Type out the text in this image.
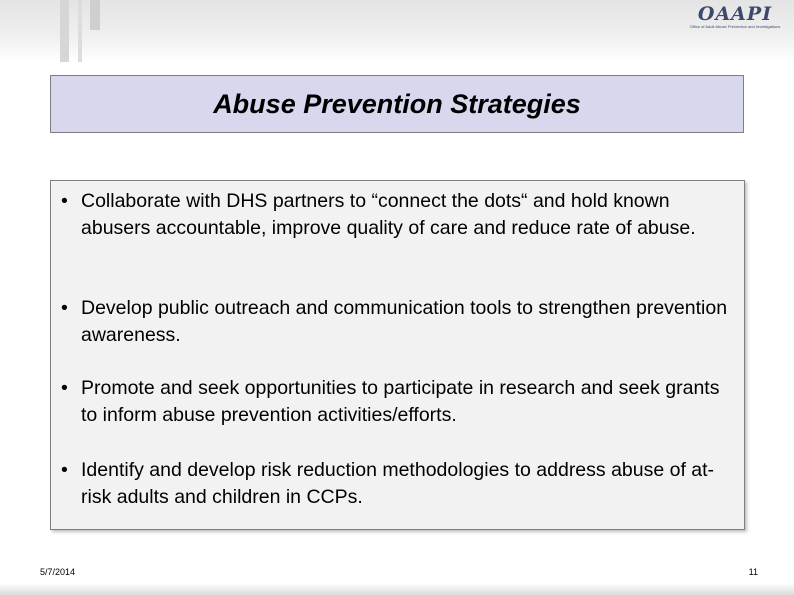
OAAPI
Office of Adult Abuse Prevention and Investigations
Abuse Prevention Strategies
• Collaborate with DHS partners to “connect the dots“ and hold known abusers accountable, improve quality of care and reduce rate of abuse.
• Develop public outreach and communication tools to strengthen prevention awareness.
• Promote and seek opportunities to participate in research and seek grants to inform abuse prevention activities/efforts.
• Identify and develop risk reduction methodologies to address abuse of at-risk adults and children in CCPs.
5/7/2014	11
